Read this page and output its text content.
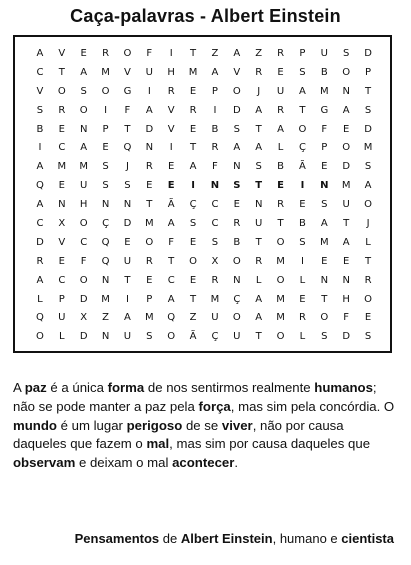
Caça-palavras - Albert Einstein
A	V	E	R	O	F	I	T	Z	A	Z	R	P	U	S	D
C	T	A	M	V	U	H	M	A	V	R	E	S	B	O	P
V	O	S	O	G	I	R	E	P	O	J	U	A	M	N	T
S	R	O	I	F	A	V	R	I	D	A	R	T	G	A	S
B	E	N	P	T	D	V	E	B	S	T	A	O	F	E	D
I	C	A	E	Q	N	I	T	R	A	A	L	Ç	P	O	M
A	M	M	S	J	R	E	A	F	N	S	B	Ã	E	D	S
Q	E	U	S	S	E	E	I	N	S	T	E	I	N	M	A
A	N	H	N	N	T	Ã	Ç	C	E	N	R	E	S	U	O
C	X	O	Ç	D	M	A	S	C	R	U	T	B	A	T	J
D	V	C	Q	E	O	F	E	S	B	T	O	S	M	A	L
R	E	F	Q	U	R	T	O	X	O	R	M	I	E	E	T
A	C	O	N	T	E	C	E	R	N	L	O	L	N	N	R
L	P	D	M	I	P	A	T	M	Ç	A	M	E	T	H	O
Q	U	X	Z	A	M	Q	Z	U	O	A	M	R	O	F	E
O	L	D	N	U	S	O	Ã	Ç	U	T	O	L	S	D	S
A paz é a única forma de nos sentirmos realmente humanos; não se pode manter a paz pela força, mas sim pela concórdia. O mundo é um lugar perigoso de se viver, não por causa daqueles que fazem o mal, mas sim por causa daqueles que observam e deixam o mal acontecer.
Pensamentos de Albert Einstein, humano e cientista
